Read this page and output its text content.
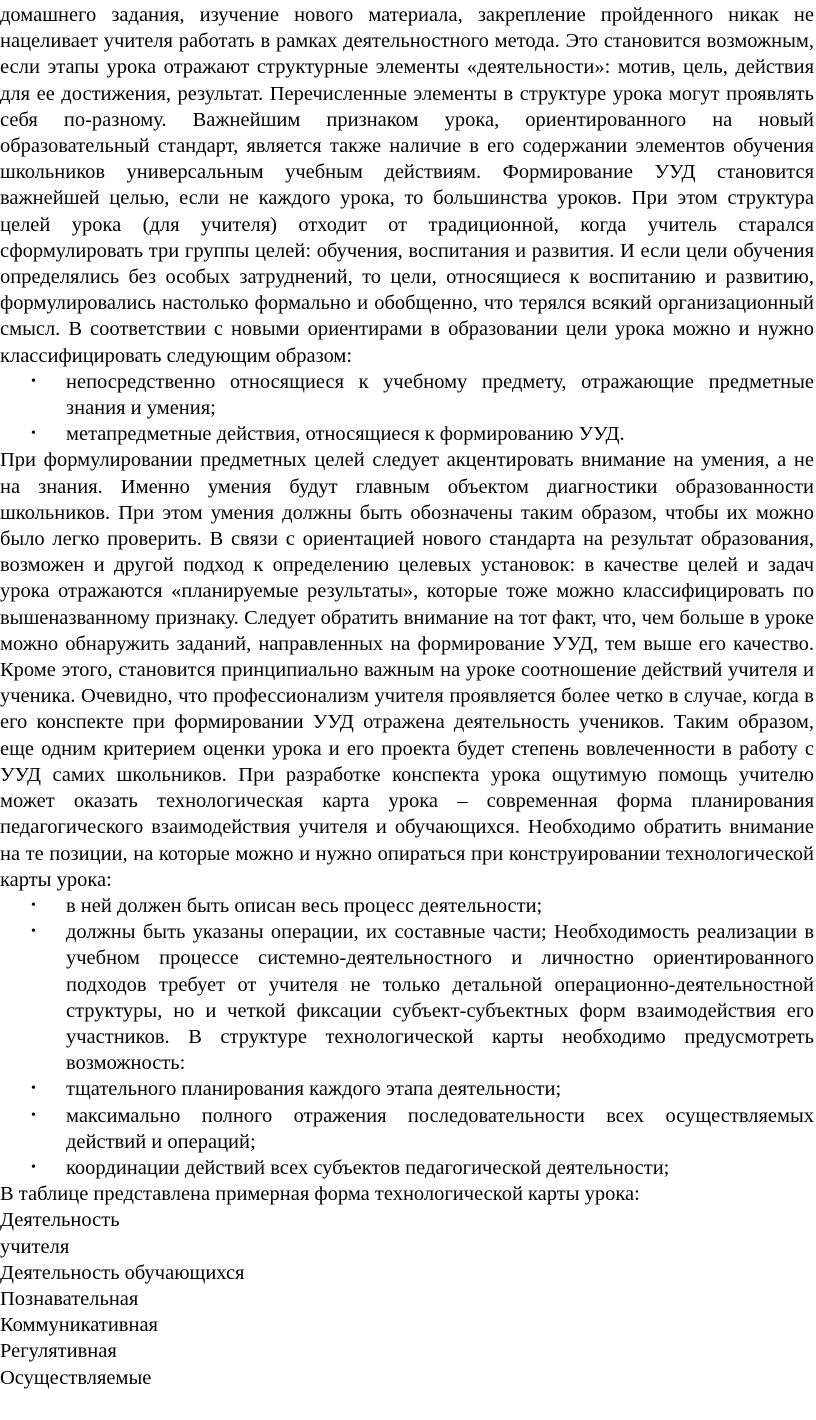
домашнего задания, изучение нового материала, закрепление пройденного никак не нацеливает учителя работать в рамках деятельностного метода. Это становится возможным, если этапы урока отражают структурные элементы «деятельности»: мотив, цель, действия для ее достижения, результат. Перечисленные элементы в структуре урока могут проявлять себя по-разному. Важнейшим признаком урока, ориентированного на новый образовательный стандарт, является также наличие в его содержании элементов обучения школьников универсальным учебным действиям. Формирование УУД становится важнейшей целью, если не каждого урока, то большинства уроков. При этом структура целей урока (для учителя) отходит от традиционной, когда учитель старался сформулировать три группы целей: обучения, воспитания и развития. И если цели обучения определялись без особых затруднений, то цели, относящиеся к воспитанию и развитию, формулировались настолько формально и обобщенно, что терялся всякий организационный смысл. В соответствии с новыми ориентирами в образовании цели урока можно и нужно классифицировать следующим образом:

• непосредственно относящиеся к учебному предмету, отражающие предметные знания и умения;
• метапредметные действия, относящиеся к формированию УУД.

При формулировании предметных целей следует акцентировать внимание на умения, а не на знания. Именно умения будут главным объектом диагностики образованности школьников. При этом умения должны быть обозначены таким образом, чтобы их можно было легко проверить. В связи с ориентацией нового стандарта на результат образования, возможен и другой подход к определению целевых установок: в качестве целей и задач урока отражаются «планируемые результаты», которые тоже можно классифицировать по вышеназванному признаку. Следует обратить внимание на тот факт, что, чем больше в уроке можно обнаружить заданий, направленных на формирование УУД, тем выше его качество. Кроме этого, становится принципиально важным на уроке соотношение действий учителя и ученика. Очевидно, что профессионализм учителя проявляется более четко в случае, когда в его конспекте при формировании УУД отражена деятельность учеников. Таким образом, еще одним критерием оценки урока и его проекта будет степень вовлеченности в работу с УУД самих школьников. При разработке конспекта урока ощутимую помощь учителю может оказать технологическая карта урока – современная форма планирования педагогического взаимодействия учителя и обучающихся. Необходимо обратить внимание на те позиции, на которые можно и нужно опираться при конструировании технологической карты урока:

• в ней должен быть описан весь процесс деятельности;
• должны быть указаны операции, их составные части; Необходимость реализации в учебном процессе системно-деятельностного и личностно ориентированного подходов требует от учителя не только детальной операционно-деятельностной структуры, но и четкой фиксации субъект-субъектных форм взаимодействия его участников. В структуре технологической карты необходимо предусмотреть возможность:
• тщательного планирования каждого этапа деятельности;
• максимально полного отражения последовательности всех осуществляемых действий и операций;
• координации действий всех субъектов педагогической деятельности;

В таблице представлена примерная форма технологической карты урока:

Деятельность

учителя

Деятельность обучающихся

Познавательная

Коммуникативная

Регулятивная

Осуществляемые
